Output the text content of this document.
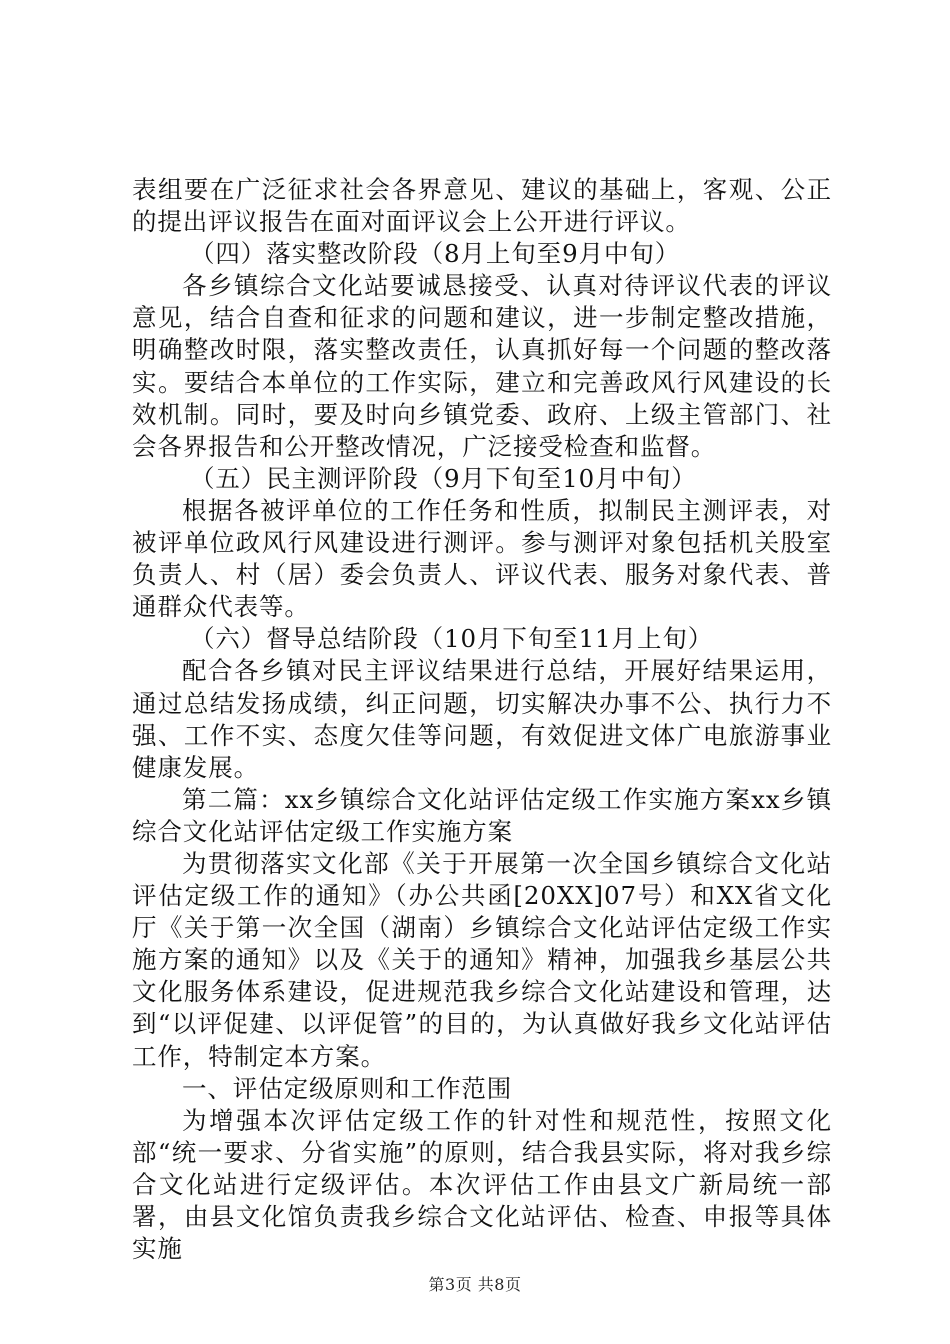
表组要在广泛征求社会各界意见、建议的基础上，客观、公正的提出评议报告在面对面评议会上公开进行评议。

（四）落实整改阶段（8月上旬至9月中旬）

各乡镇综合文化站要诚恳接受、认真对待评议代表的评议意见，结合自查和征求的问题和建议，进一步制定整改措施，明确整改时限，落实整改责任，认真抓好每一个问题的整改落实。要结合本单位的工作实际，建立和完善政风行风建设的长效机制。同时，要及时向乡镇党委、政府、上级主管部门、社会各界报告和公开整改情况，广泛接受检查和监督。

（五）民主测评阶段（9月下旬至10月中旬）

根据各被评单位的工作任务和性质，拟制民主测评表，对被评单位政风行风建设进行测评。参与测评对象包括机关股室负责人、村（居）委会负责人、评议代表、服务对象代表、普通群众代表等。

（六）督导总结阶段（10月下旬至11月上旬）

配合各乡镇对民主评议结果进行总结，开展好结果运用，通过总结发扬成绩，纠正问题，切实解决办事不公、执行力不强、工作不实、态度欠佳等问题，有效促进文体广电旅游事业健康发展。

第二篇：xx乡镇综合文化站评估定级工作实施方案xx乡镇综合文化站评估定级工作实施方案

为贯彻落实文化部《关于开展第一次全国乡镇综合文化站评估定级工作的通知》（办公共函[20XX]07号）和XX省文化厅《关于第一次全国（湖南）乡镇综合文化站评估定级工作实施方案的通知》以及《关于的通知》精神，加强我乡基层公共文化服务体系建设，促进规范我乡综合文化站建设和管理，达到“以评促建、以评促管”的目的，为认真做好我乡文化站评估工作，特制定本方案。

一、评估定级原则和工作范围

为增强本次评估定级工作的针对性和规范性，按照文化部“统一要求、分省实施”的原则，结合我县实际，将对我乡综合文化站进行定级评估。本次评估工作由县文广新局统一部署，由县文化馆负责我乡综合文化站评估、检查、申报等具体实施

第3页 共8页
